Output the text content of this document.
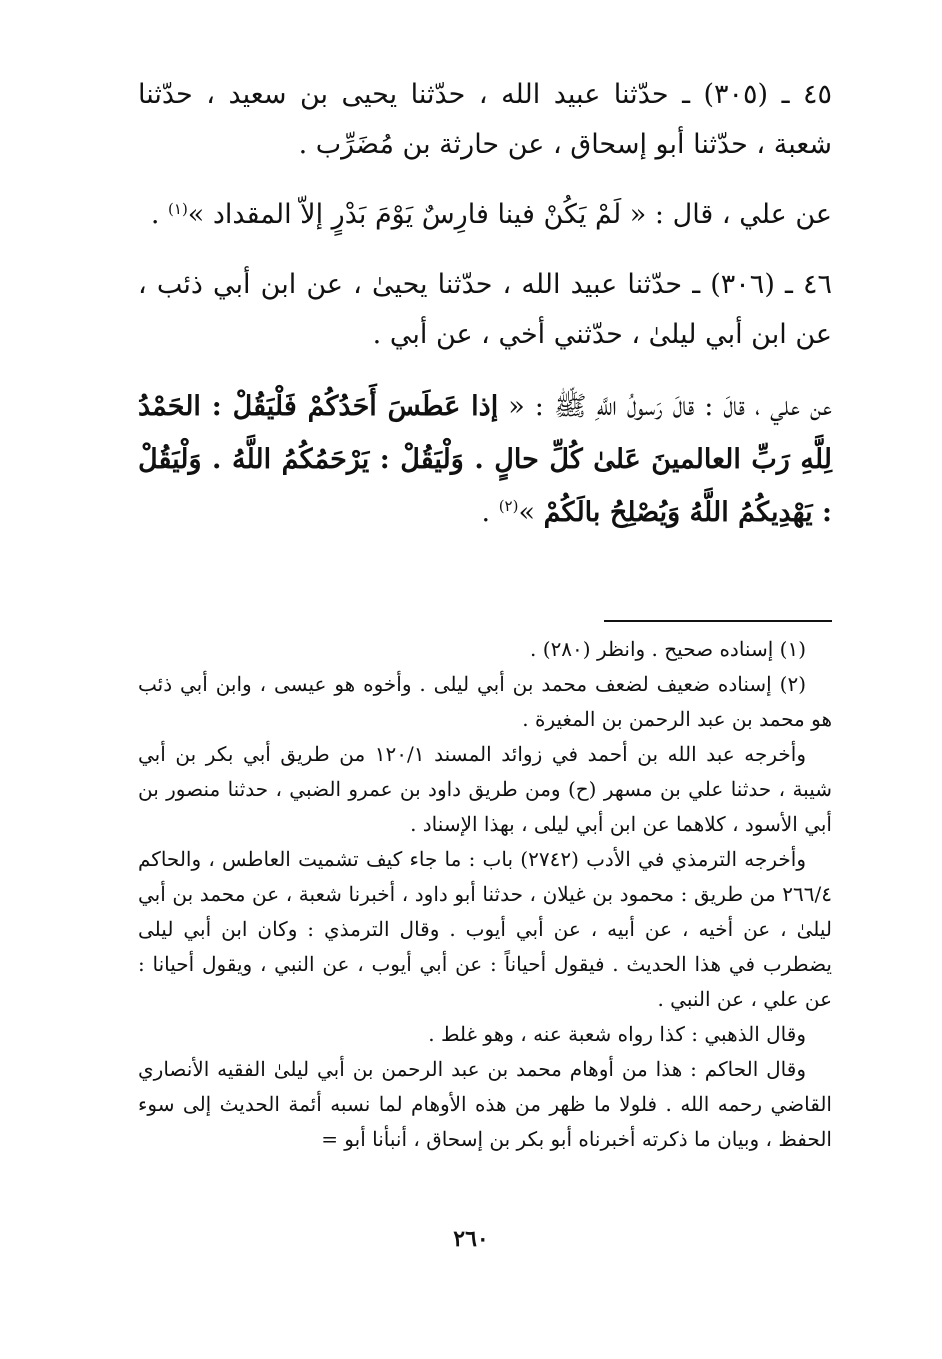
٤٥ ـ (٣٠٥) ـ حدّثنا عبيد الله ، حدّثنا يحيى بن سعيد ، حدّثنا شعبة ، حدّثنا أبو إسحاق ، عن حارثة بن مُضَرِّب .

عن علي ، قال : « لَمْ يَكُنْ فينا فارِسٌ يَوْمَ بَدْرٍ إلاّ المقداد »$^{(١)}$ .

٤٦ ـ (٣٠٦) ـ حدّثنا عبيد الله ، حدّثنا يحيىٰ ، عن ابن أبي ذئب ، عن ابن أبي ليلىٰ ، حدّثني أخي ، عن أبي .

عن علي ، قالَ : قالَ رَسولُ اللَّهِ ﷺ : « إذا عَطَسَ أَحَدُكُمْ فَلْيَقُلْ : الحَمْدُ لِلَّهِ رَبِّ العالمينَ عَلىٰ كُلِّ حالٍ . وَلْيَقُلْ : يَرْحَمُكُمُ اللَّهُ . وَلْيَقُلْ : يَهْدِيكُمُ اللَّهُ وَيُصْلِحُ بالَكُمْ »$^{(٢)}$ .

(١) إسناده صحيح . وانظر (٢٨٠) .

(٢) إسناده ضعيف لضعف محمد بن أبي ليلى . وأخوه هو عيسى ، وابن أبي ذئب هو محمد بن عبد الرحمن بن المغيرة .

وأخرجه عبد الله بن أحمد في زوائد المسند ١٢٠/١ من طريق أبي بكر بن أبي شيبة ، حدثنا علي بن مسهر (ح) ومن طريق داود بن عمرو الضبي ، حدثنا منصور بن أبي الأسود ، كلاهما عن ابن أبي ليلى ، بهذا الإسناد .

وأخرجه الترمذي في الأدب (٢٧٤٢) باب : ما جاء كيف تشميت العاطس ، والحاكم ٢٦٦/٤ من طريق : محمود بن غيلان ، حدثنا أبو داود ، أخبرنا شعبة ، عن محمد بن أبي ليلىٰ ، عن أخيه ، عن أبيه ، عن أبي أيوب . وقال الترمذي : وكان ابن أبي ليلى يضطرب في هذا الحديث . فيقول أحياناً : عن أبي أيوب ، عن النبي ، ويقول أحيانا : عن علي ، عن النبي .

وقال الذهبي : كذا رواه شعبة عنه ، وهو غلط .

وقال الحاكم : هذا من أوهام محمد بن عبد الرحمن بن أبي ليلىٰ الفقيه الأنصاري القاضي رحمه الله . فلولا ما ظهر من هذه الأوهام لما نسبه أئمة الحديث إلى سوء الحفظ ، وبيان ما ذكرته أخبرناه أبو بكر بن إسحاق ، أنبأنا أبو =

٢٦٠
